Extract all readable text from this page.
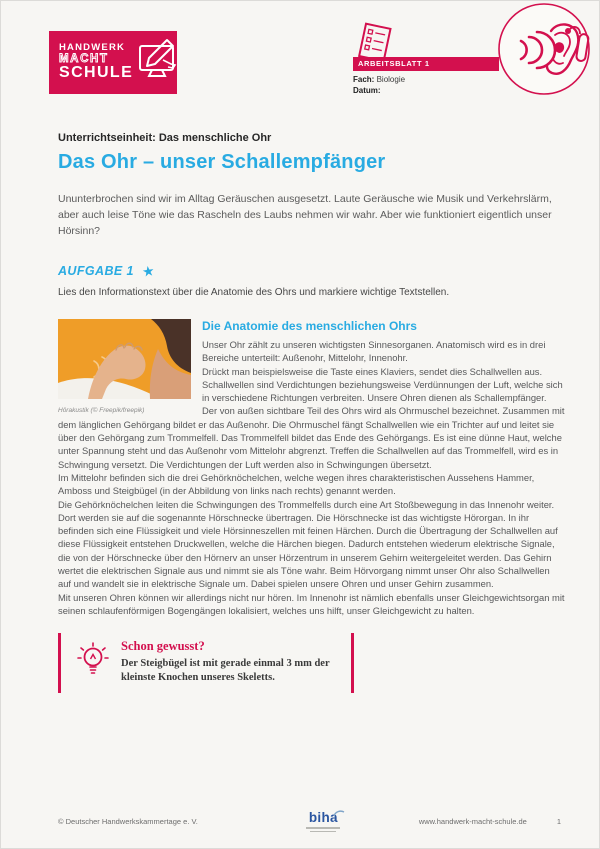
HANDWERK
MACHT
SCHULE
ARBEITSBLATT 1
Fach: Biologie
Datum:
Unterrichtseinheit: Das menschliche Ohr
Das Ohr – unser Schallempfänger

Ununterbrochen sind wir im Alltag Geräuschen ausgesetzt. Laute Geräusche wie Musik und Verkehrslärm, aber auch leise Töne wie das Rascheln des Laubs nehmen wir wahr. Aber wie funktioniert eigentlich unser Hörsinn?

AUFGABE 1 ★
Lies den Informationstext über die Anatomie des Ohrs und markiere wichtige Textstellen.
Hörakustik (© Freepik/freepik)
Die Anatomie des menschlichen Ohrs

Unser Ohr zählt zu unseren wichtigsten Sinnesorganen. Anatomisch wird es in drei Bereiche unterteilt: Außenohr, Mittelohr, Innenohr.

Drückt man beispielsweise die Taste eines Klaviers, sendet dies Schallwellen aus. Schallwellen sind Verdichtungen beziehungsweise Verdünnungen der Luft, welche sich in verschiedene Richtungen verbreiten. Unsere Ohren dienen als Schallempfänger.

Der von außen sichtbare Teil des Ohrs wird als Ohrmuschel bezeichnet. Zusammen mit dem länglichen Gehörgang bildet er das Außenohr. Die Ohrmuschel fängt Schallwellen wie ein Trichter auf und leitet sie über den Gehörgang zum Trommelfell. Das Trommelfell bildet das Ende des Gehörgangs. Es ist eine dünne Haut, welche unter Spannung steht und das Außenohr vom Mittelohr abgrenzt. Treffen die Schallwellen auf das Trommelfell, wird es in Schwingung versetzt. Die Verdichtungen der Luft werden also in Schwingungen übersetzt.

Im Mittelohr befinden sich die drei Gehörknöchelchen, welche wegen ihres charakteristischen Aussehens Hammer, Amboss und Steigbügel (in der Abbildung von links nach rechts) genannt werden.

Die Gehörknöchelchen leiten die Schwingungen des Trommelfells durch eine Art Stoßbewegung in das Innenohr weiter. Dort werden sie auf die sogenannte Hörschnecke übertragen. Die Hörschnecke ist das wichtigste Hörorgan. In ihr befinden sich eine Flüssigkeit und viele Hörsinneszellen mit feinen Härchen. Durch die Übertragung der Schallwellen auf diese Flüssigkeit entstehen Druckwellen, welche die Härchen biegen. Dadurch entstehen wiederum elektrische Signale, die von der Hörschnecke über den Hörnerv an unser Hörzentrum in unserem Gehirn weitergeleitet werden. Das Gehirn wertet die elektrischen Signale aus und nimmt sie als Töne wahr. Beim Hörvorgang nimmt unser Ohr also Schallwellen auf und wandelt sie in elektrische Signale um. Dabei spielen unsere Ohren und unser Gehirn zusammen.

Mit unseren Ohren können wir allerdings nicht nur hören. Im Innenohr ist nämlich ebenfalls unser Gleichgewichtsorgan mit seinen schlaufenförmigen Bogengängen lokalisiert, welches uns hilft, unser Gleichgewicht zu halten.

Schon gewusst?
Der Steigbügel ist mit gerade einmal 3 mm der kleinste Knochen unseres Skeletts.
© Deutscher Handwerkskammertage e. V.	biha	www.handwerk-macht-schule.de	1
